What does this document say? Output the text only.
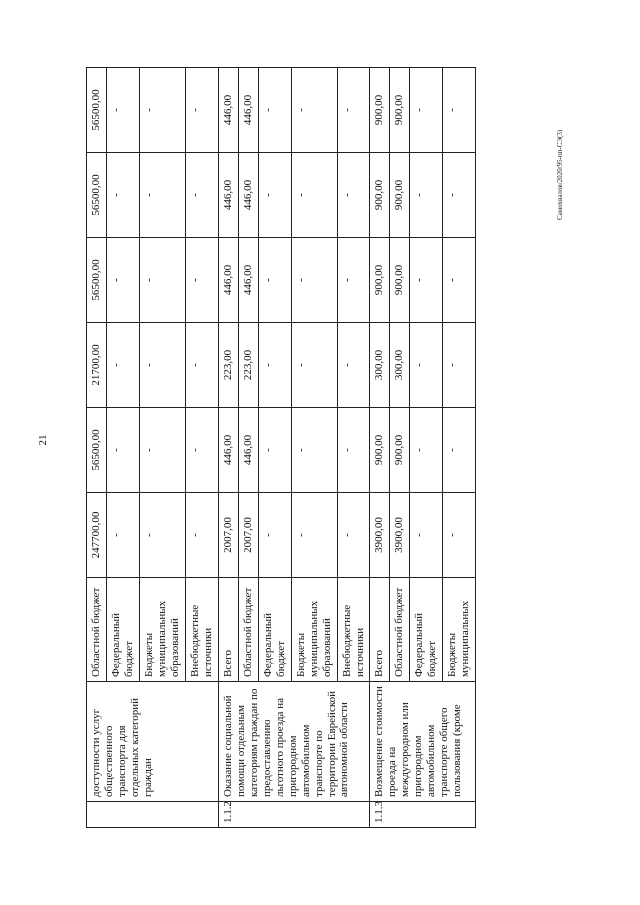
21
Самохвалов/2020/95-пп-СЭ(3)
	доступности услуг общественного транспорта для отдельных категорий граждан	Областной бюджет	247700,00	56500,00	21700,00	56500,00	56500,00	56500,00
		Федеральный бюджет	-	-	-	-	-	-
		Бюджеты муниципальных образований	-	-	-	-	-	-
		Внебюджетные источники	-	-	-	-	-	-
1.1.2	Оказание социальной помощи отдельным категориям граждан по предоставлению льготного проезда на пригородном автомобильном транспорте по территории Еврейской автономной области	Всего	2007,00	446,00	223,00	446,00	446,00	446,00
		Областной бюджет	2007,00	446,00	223,00	446,00	446,00	446,00
		Федеральный бюджет	-	-	-	-	-	-
		Бюджеты муниципальных образований	-	-	-	-	-	-
		Внебюджетные источники	-	-	-	-	-	-
1.1.3	Возмещение стоимости проезда на междугородном или пригородном автомобильном транспорте общего пользования (кроме	Всего	3900,00	900,00	300,00	900,00	900,00	900,00
		Областной бюджет	3900,00	900,00	300,00	900,00	900,00	900,00
		Федеральный бюджет	-	-	-	-	-	-
		Бюджеты муниципальных	-	-	-	-	-	-
